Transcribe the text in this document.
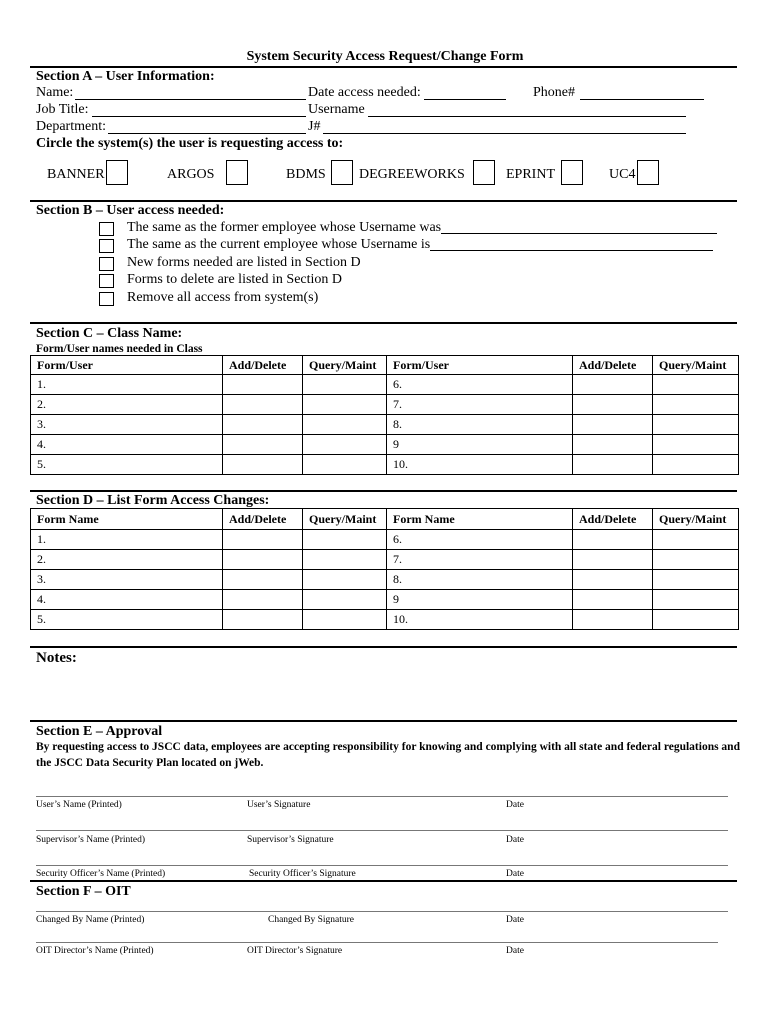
System Security Access Request/Change Form
Section A – User Information:
Name:	Date access needed:	Phone#
Job Title:	Username
Department:	J#
Circle the system(s) the user is requesting access to:
BANNER	ARGOS	BDMS DEGREEWORKS	EPRINT	UC4
Section B – User access needed:
The same as the former employee whose Username was
The same as the current employee whose Username is
New forms needed are listed in Section D
Forms to delete are listed in Section D
Remove all access from system(s)
Section C – Class Name:
Form/User names needed in Class
Form/User	Add/Delete	Query/Maint	Form/User	Add/Delete	Query/Maint
1.			6.		
2.			7.		
3.			8.		
4.			9		
5.			10.		
Section D – List Form Access Changes:
Form Name	Add/Delete	Query/Maint	Form Name	Add/Delete	Query/Maint
1.			6.		
2.			7.		
3.			8.		
4.			9		
5.			10.		
Notes:
Section E – Approval
By requesting access to JSCC data, employees are accepting responsibility for knowing and complying with all state and federal regulations and the JSCC Data Security Plan located on jWeb.
User’s Name (Printed)	User’s Signature	Date
Supervisor’s Name (Printed)	Supervisor’s Signature	Date
Security Officer’s Name (Printed)	Security Officer’s Signature	Date
Section F – OIT
Changed By Name (Printed)	Changed By Signature	Date
OIT Director’s Name (Printed)	OIT Director’s Signature	Date
